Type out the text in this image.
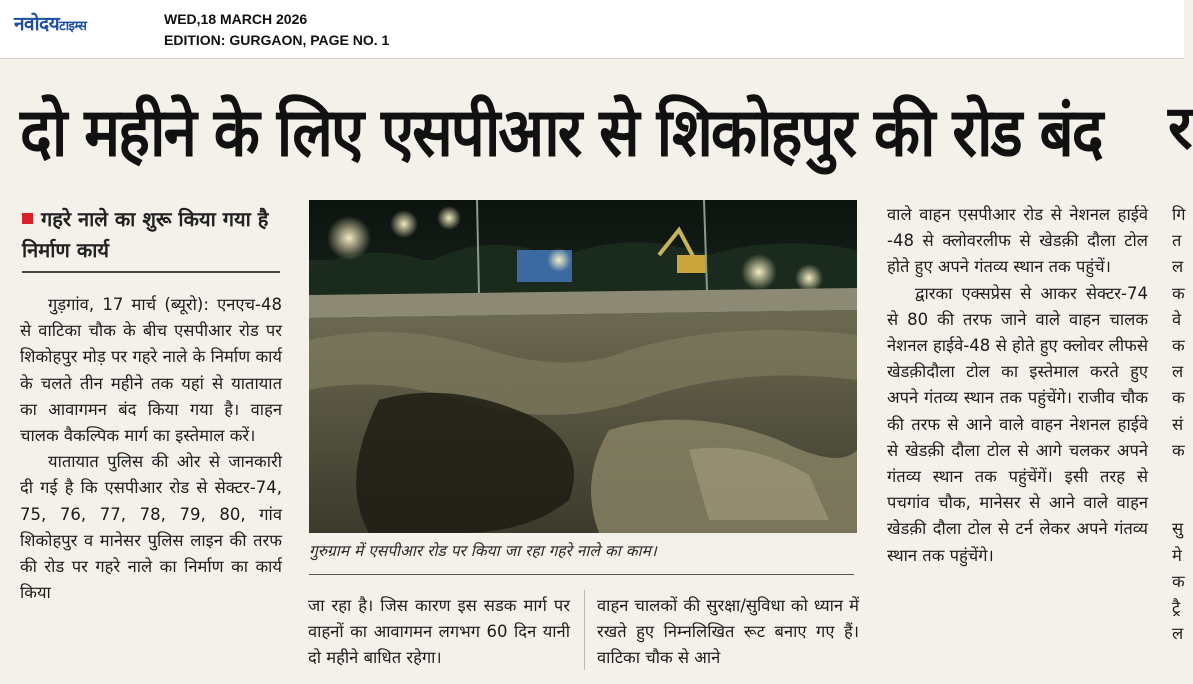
नवोदयटाइम्स	WED,18 MARCH 2026
EDITION: GURGAON, PAGE NO. 1
दो महीने के लिए एसपीआर से शिकोहपुर की रोड बंद	र
गहरे नाले का शुरू किया गया है निर्माण कार्य

गुड़गांव, 17 मार्च (ब्यूरो): एनएच-48 से वाटिका चौक के बीच एसपीआर रोड पर शिकोहपुर मोड़ पर गहरे नाले के निर्माण कार्य के चलते तीन महीने तक यहां से यातायात का आवागमन बंद किया गया है। वाहन चालक वैकल्पिक मार्ग का इस्तेमाल करें।

यातायात पुलिस की ओर से जानकारी दी गई है कि एसपीआर रोड से सेक्टर-74, 75, 76, 77, 78, 79, 80, गांव शिकोहपुर व मानेसर पुलिस लाइन की तरफ की रोड पर गहरे नाले का निर्माण का कार्य किया

गुरुग्राम में एसपीआर रोड पर किया जा रहा गहरे नाले का काम।

जा रहा है। जिस कारण इस सडक मार्ग पर वाहनों का आवागमन लगभग 60 दिन यानी दो महीने बाधित रहेगा।

वाहन चालकों की सुरक्षा/सुविधा को ध्यान में रखते हुए निम्नलिखित रूट बनाए गए हैं। वाटिका चौक से आने

वाले वाहन एसपीआर रोड से नेशनल हाईवे -48 से क्लोवरलीफ से खेडक़ी दौला टोल होते हुए अपने गंतव्य स्थान तक पहुंचें।

द्वारका एक्सप्रेस से आकर सेक्टर-74 से 80 की तरफ जाने वाले वाहन चालक नेशनल हाईवे-48 से होते हुए क्लोवर लीफसे खेडक़ीदौला टोल का इस्तेमाल करते हुए अपने गंतव्य स्थान तक पहुंचेंगे। राजीव चौक की तरफ से आने वाले वाहन नेशनल हाईवे से खेडक़ी दौला टोल से आगे चलकर अपने गंतव्य स्थान तक पहुंचेंगें। इसी तरह से पचगांव चौक, मानेसर से आने वाले वाहन खेडक़ी दौला टोल से टर्न लेकर अपने गंतव्य स्थान तक पहुंचेंगे।

गि
त
ल
क
वे
क
ल
क
सं
क

सु
मे
क
ट्रै
ल
